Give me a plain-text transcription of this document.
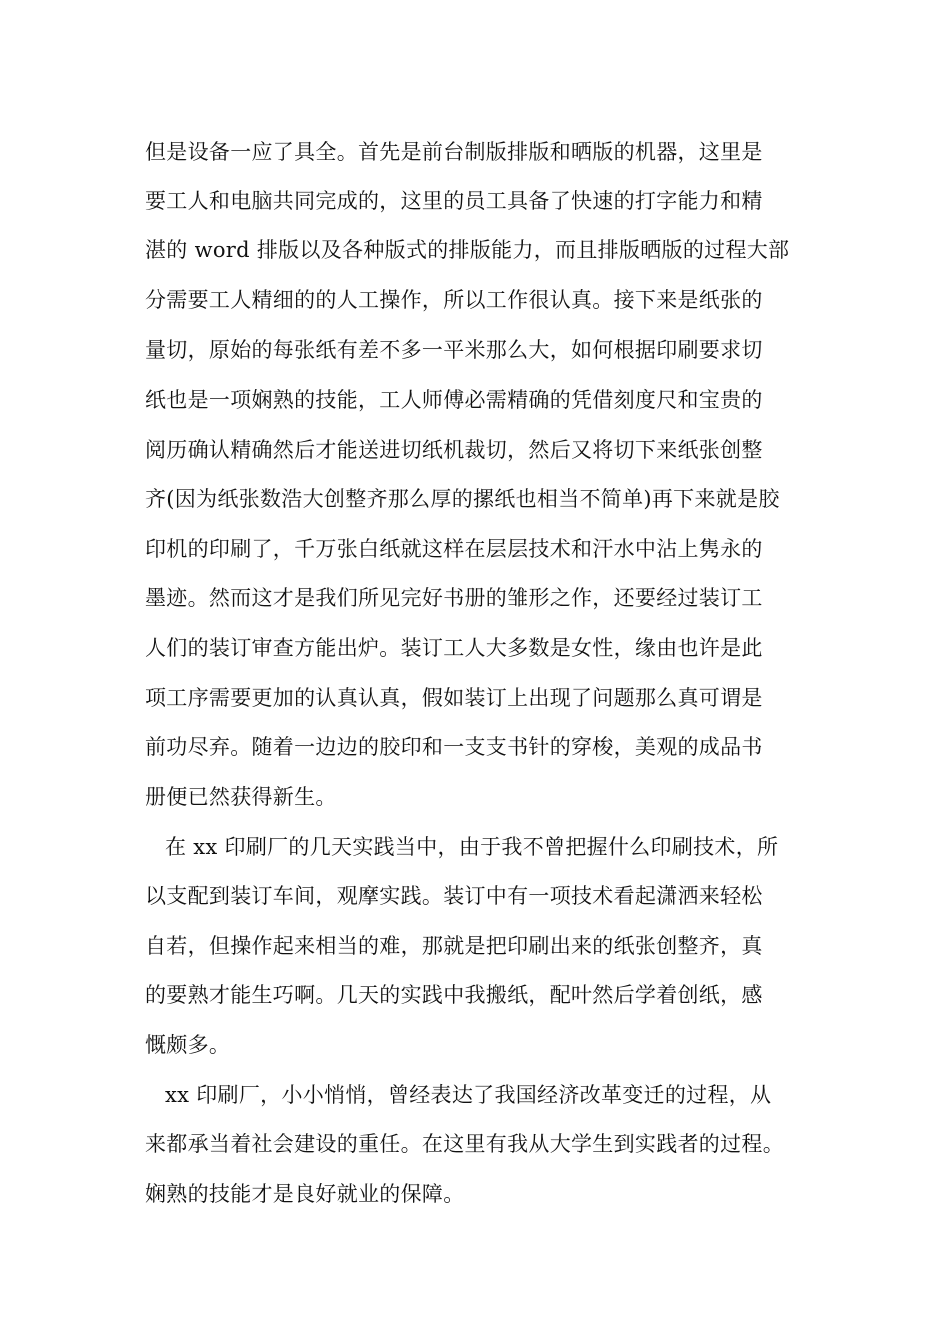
但是设备一应了具全。首先是前台制版排版和晒版的机器，这里是
要工人和电脑共同完成的，这里的员工具备了快速的打字能力和精
湛的 word 排版以及各种版式的排版能力，而且排版晒版的过程大部
分需要工人精细的的人工操作，所以工作很认真。接下来是纸张的
量切，原始的每张纸有差不多一平米那么大，如何根据印刷要求切
纸也是一项娴熟的技能，工人师傅必需精确的凭借刻度尺和宝贵的
阅历确认精确然后才能送进切纸机裁切，然后又将切下来纸张创整
齐(因为纸张数浩大创整齐那么厚的摞纸也相当不简单)再下来就是胶
印机的印刷了，千万张白纸就这样在层层技术和汗水中沾上隽永的
墨迹。然而这才是我们所见完好书册的雏形之作，还要经过装订工
人们的装订审查方能出炉。装订工人大多数是女性，缘由也许是此
项工序需要更加的认真认真，假如装订上出现了问题那么真可谓是
前功尽弃。随着一边边的胶印和一支支书针的穿梭，美观的成品书
册便已然获得新生。
在 xx 印刷厂的几天实践当中，由于我不曾把握什么印刷技术，所
以支配到装订车间，观摩实践。装订中有一项技术看起潇洒来轻松
自若，但操作起来相当的难，那就是把印刷出来的纸张创整齐，真
的要熟才能生巧啊。几天的实践中我搬纸，配叶然后学着创纸，感
慨颇多。
xx 印刷厂，小小悄悄，曾经表达了我国经济改革变迁的过程，从
来都承当着社会建设的重任。在这里有我从大学生到实践者的过程。
娴熟的技能才是良好就业的保障。
